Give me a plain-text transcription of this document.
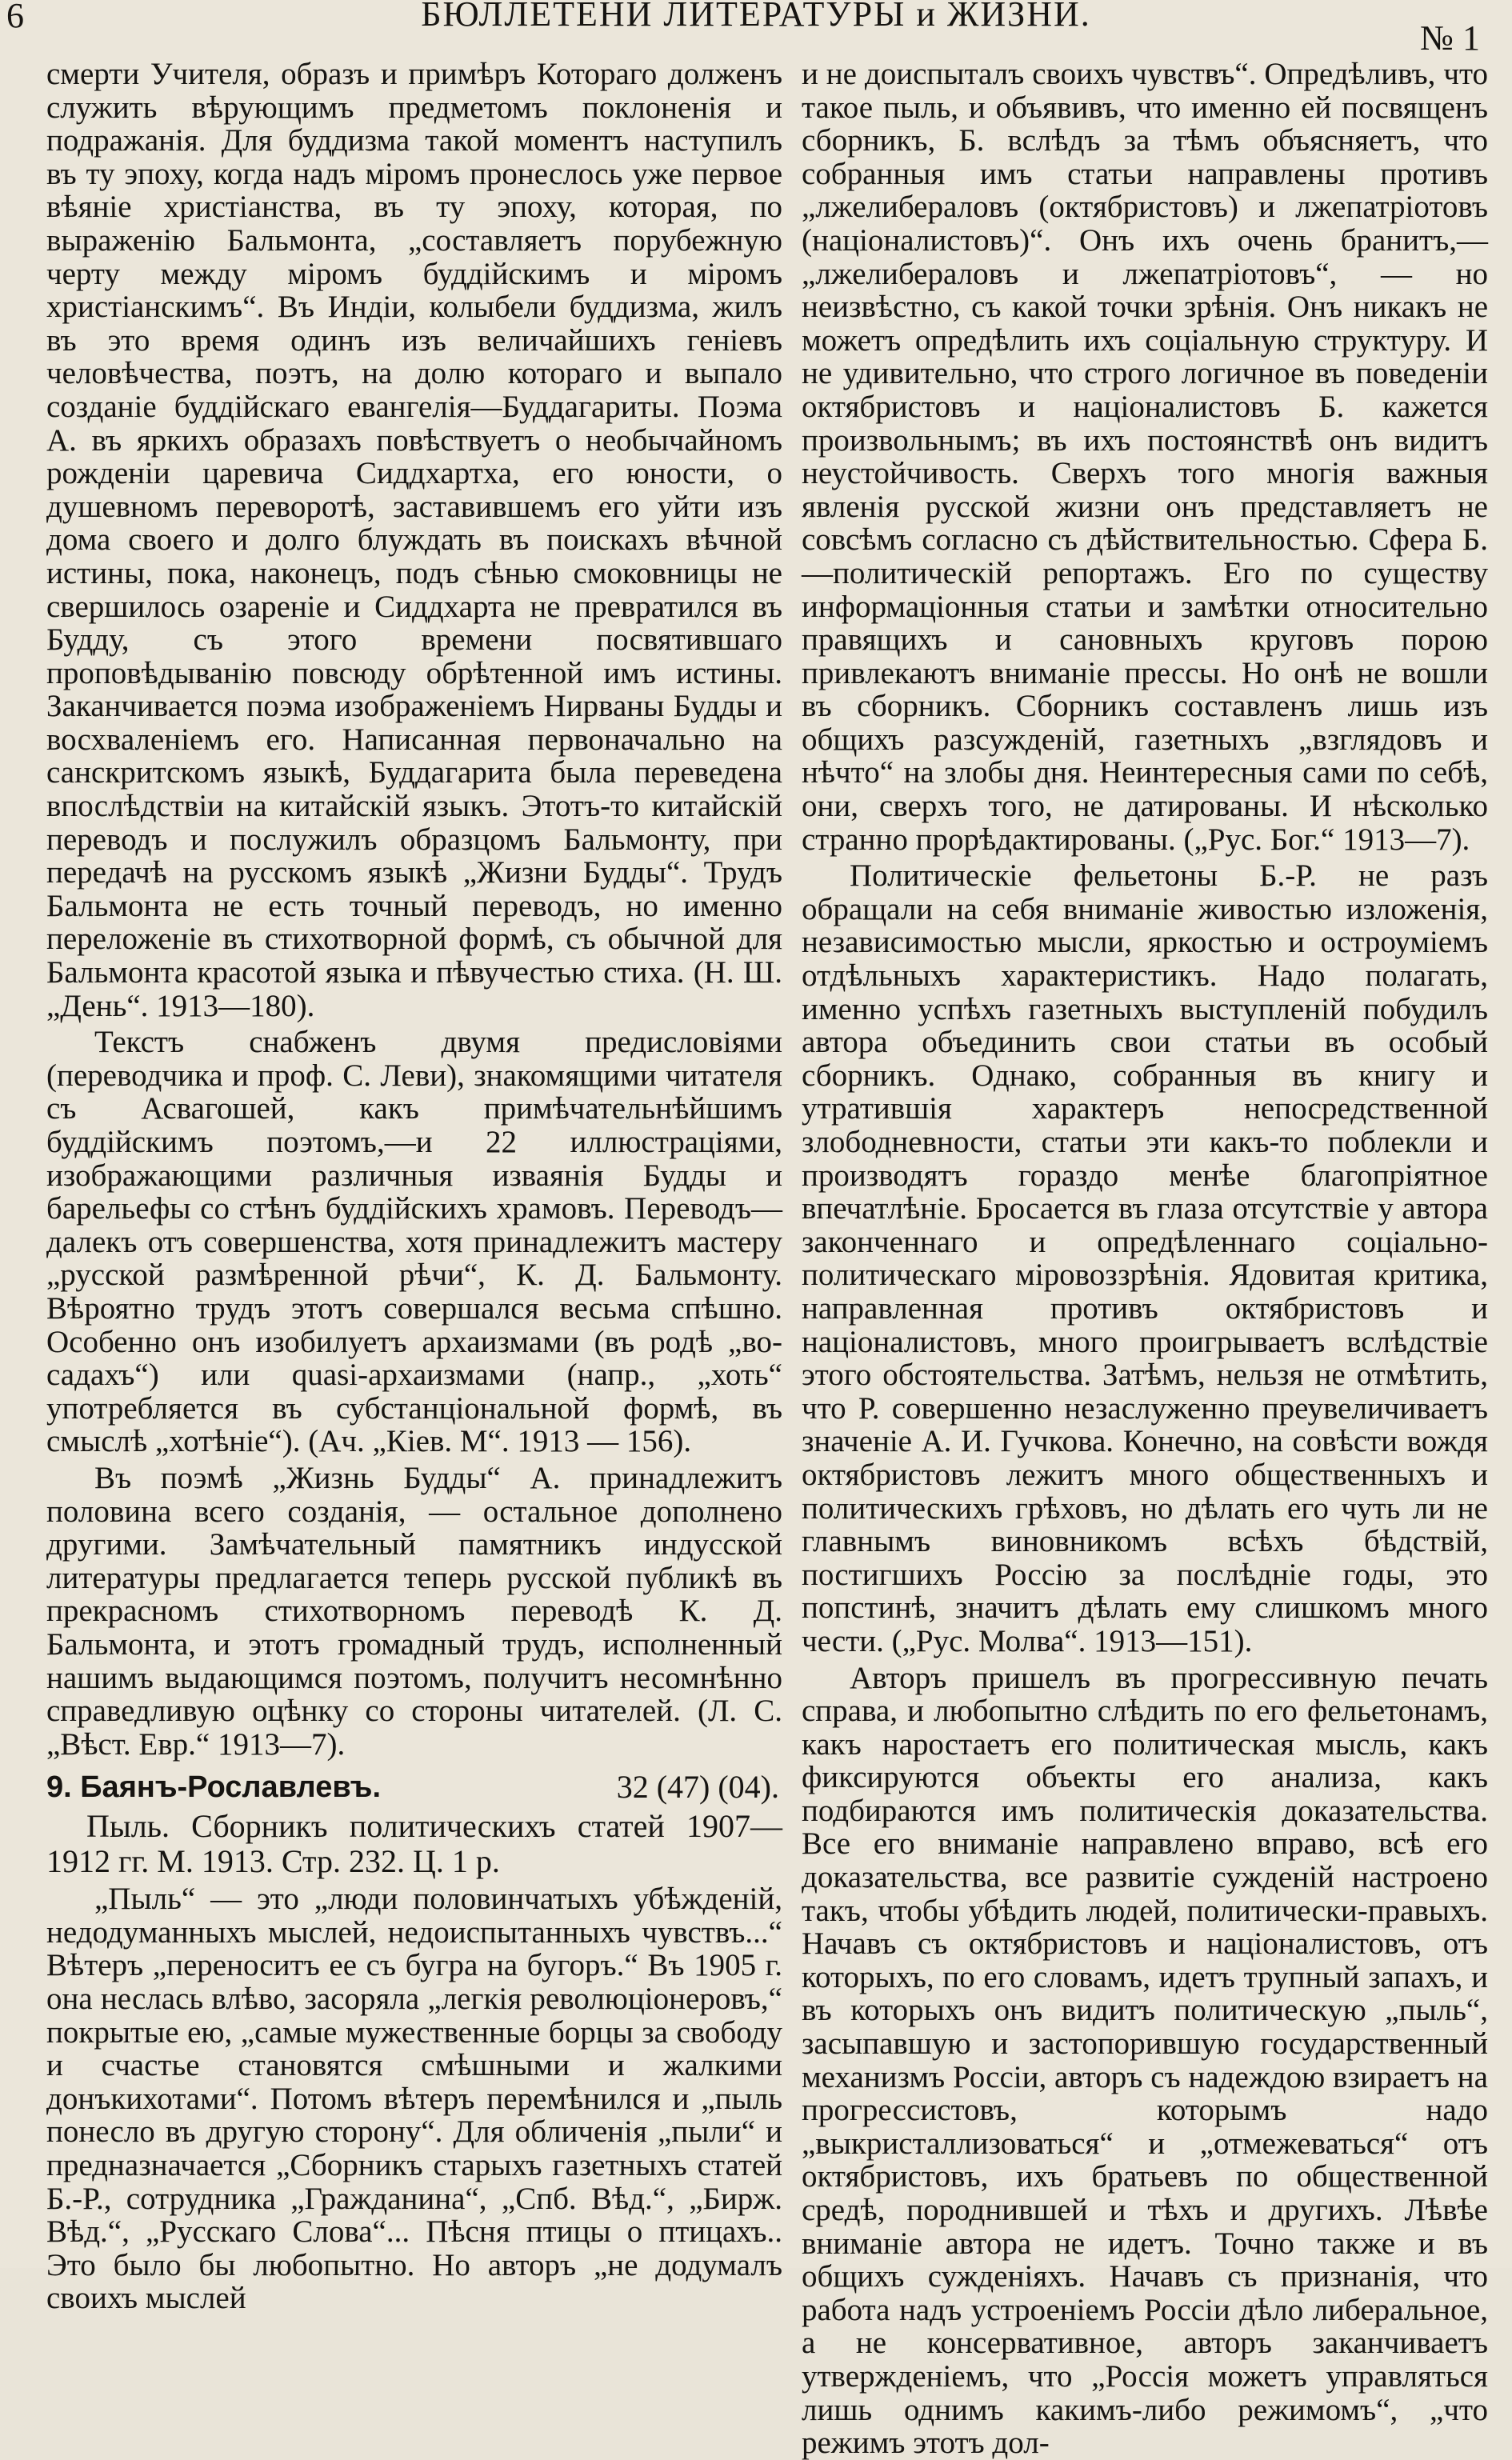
6	БЮЛЛЕТЕНИ ЛИТЕРАТУРЫ и ЖИЗНИ.
№ 1

смерти Учителя, образъ и примѣръ Котораго долженъ служить вѣрующимъ предметомъ поклоненія и подражанія. Для буддизма такой моментъ наступилъ въ ту эпоху, когда надъ міромъ пронеслось уже первое вѣяніе христіанства, въ ту эпоху, которая, по выраженію Бальмонта, „составляетъ порубежную черту между міромъ буддійскимъ и міромъ христіанскимъ“. Въ Индіи, колыбели буддизма, жилъ въ это время одинъ изъ величайшихъ геніевъ человѣчества, поэтъ, на долю котораго и выпало созданіе буддійскаго евангелія—Буддагариты. Поэма А. въ яркихъ образахъ повѣствуетъ о необычайномъ рожденіи царевича Сиддхартха, его юности, о душевномъ переворотѣ, заставившемъ его уйти изъ дома своего и долго блуждать въ поискахъ вѣчной истины, пока, наконецъ, подъ сѣнью смоковницы не свершилось озареніе и Сиддхарта не превратился въ Будду, съ этого времени посвятившаго проповѣдыванію повсюду обрѣтенной имъ истины. Заканчивается поэма изображеніемъ Нирваны Будды и восхваленіемъ его. Написанная первоначально на санскритскомъ языкѣ, Буддагарита была переведена впослѣдствіи на китайскій языкъ. Этотъ-то китайскій переводъ и послужилъ образцомъ Бальмонту, при передачѣ на русскомъ языкѣ „Жизни Будды“. Трудъ Бальмонта не есть точный переводъ, но именно переложеніе въ стихотворной формѣ, съ обычной для Бальмонта красотой языка и пѣвучестью стиха. (Н. Ш. „День“. 1913—180).

Текстъ снабженъ двумя предисловіями (переводчика и проф. С. Леви), знакомящими читателя съ Асвагошей, какъ примѣчательнѣйшимъ буддійскимъ поэтомъ,—и 22 иллюстраціями, изображающими различныя изваянія Будды и барельефы со стѣнъ буддійскихъ храмовъ. Переводъ—далекъ отъ совершенства, хотя принадлежитъ мастеру „русской размѣренной рѣчи“, К. Д. Бальмонту. Вѣроятно трудъ этотъ совершался весьма спѣшно. Особенно онъ изобилуетъ архаизмами (въ родѣ „во-садахъ“) или quasi-архаизмами (напр., „хоть“ употребляется въ субстанціональной формѣ, въ смыслѣ „хотѣніе“). (Ач. „Кіев. М“. 1913 — 156).

Въ поэмѣ „Жизнь Будды“ А. принадлежитъ половина всего созданія, — остальное дополнено другими. Замѣчательный памятникъ индусской литературы предлагается теперь русской публикѣ въ прекрасномъ стихотворномъ переводѣ К. Д. Бальмонта, и этотъ громадный трудъ, исполненный нашимъ выдающимся поэтомъ, получитъ несомнѣнно справедливую оцѣнку со стороны читателей. (Л. С. „Вѣст. Евр.“ 1913—7).

9. Баянъ-Рославлевъ.	32 (47) (04).

Пыль. Сборникъ политическихъ статей 1907—1912 гг. М. 1913. Стр. 232. Ц. 1 р.

„Пыль“ — это „люди половинчатыхъ убѣжденій, недодуманныхъ мыслей, недоиспытанныхъ чувствъ...“ Вѣтеръ „переноситъ ее съ бугра на бугоръ.“ Въ 1905 г. она неслась влѣво, засоряла „легкія революціонеровъ,“ покрытые ею, „самые мужественные борцы за свободу и счастье становятся смѣшными и жалкими донъкихотами“. Потомъ вѣтеръ перемѣнился и „пыль понесло въ другую сторону“. Для обличенія „пыли“ и предназначается „Сборникъ старыхъ газетныхъ статей Б.-Р., сотрудника „Гражданина“, „Спб. Вѣд.“, „Бирж. Вѣд.“, „Русскаго Слова“... Пѣсня птицы о птицахъ.. Это было бы любопытно. Но авторъ „не додумалъ своихъ мыслей

и не доиспыталъ своихъ чувствъ“. Опредѣливъ, что такое пыль, и объявивъ, что именно ей посвященъ сборникъ, Б. вслѣдъ за тѣмъ объясняетъ, что собранныя имъ статьи направлены противъ „лжелибераловъ (октябристовъ) и лжепатріотовъ (націоналистовъ)“. Онъ ихъ очень бранитъ,— „лжелибераловъ и лжепатріотовъ“, — но неизвѣстно, съ какой точки зрѣнія. Онъ никакъ не можетъ опредѣлить ихъ соціальную структуру. И не удивительно, что строго логичное въ поведеніи октябристовъ и націоналистовъ Б. кажется произвольнымъ; въ ихъ постоянствѣ онъ видитъ неустойчивость. Сверхъ того многія важныя явленія русской жизни онъ представляетъ не совсѣмъ согласно съ дѣйствительностью. Сфера Б.—политическій репортажъ. Его по существу информаціонныя статьи и замѣтки относительно правящихъ и сановныхъ круговъ порою привлекаютъ вниманіе прессы. Но онѣ не вошли въ сборникъ. Сборникъ составленъ лишь изъ общихъ разсужденій, газетныхъ „взглядовъ и нѣчто“ на злобы дня. Неинтересныя сами по себѣ, они, сверхъ того, не датированы. И нѣсколько странно прорѣдактированы. („Рус. Бог.“ 1913—7).

Политическіе фельетоны Б.-Р. не разъ обращали на себя вниманіе живостью изложенія, независимостью мысли, яркостью и остроуміемъ отдѣльныхъ характеристикъ. Надо полагать, именно успѣхъ газетныхъ выступленій побудилъ автора объединить свои статьи въ особый сборникъ. Однако, собранныя въ книгу и утратившія характеръ непосредственной злободневности, статьи эти какъ-то поблекли и производятъ гораздо менѣе благопріятное впечатлѣніе. Бросается въ глаза отсутствіе у автора законченнаго и опредѣленнаго соціально-политическаго міровоззрѣнія. Ядовитая критика, направленная противъ октябристовъ и націоналистовъ, много проигрываетъ вслѣдствіе этого обстоятельства. Затѣмъ, нельзя не отмѣтить, что Р. совершенно незаслуженно преувеличиваетъ значеніе А. И. Гучкова. Конечно, на совѣсти вождя октябристовъ лежитъ много общественныхъ и политическихъ грѣховъ, но дѣлать его чуть ли не главнымъ виновникомъ всѣхъ бѣдствій, постигшихъ Россію за послѣдніе годы, это попстинѣ, значитъ дѣлать ему слишкомъ много чести. („Рус. Молва“. 1913—151).

Авторъ пришелъ въ прогрессивную печать справа, и любопытно слѣдить по его фельетонамъ, какъ наростаетъ его политическая мысль, какъ фиксируются объекты его анализа, какъ подбираются имъ политическія доказательства. Все его вниманіе направлено вправо, всѣ его доказательства, все развитіе сужденій настроено такъ, чтобы убѣдить людей, политически-правыхъ. Начавъ съ октябристовъ и націоналистовъ, отъ которыхъ, по его словамъ, идетъ трупный запахъ, и въ которыхъ онъ видитъ политическую „пыль“, засыпавшую и застопорившую государственный механизмъ Россіи, авторъ съ надеждою взираетъ на прогрессистовъ, которымъ надо „выкристаллизоваться“ и „отмежеваться“ отъ октябристовъ, ихъ братьевъ по общественной средѣ, породнившей и тѣхъ и другихъ. Лѣвѣе вниманіе автора не идетъ. Точно также и въ общихъ сужденіяхъ. Начавъ съ признанія, что работа надъ устроеніемъ Россіи дѣло либеральное, а не консервативное, авторъ заканчиваетъ утвержденіемъ, что „Россія можетъ управляться лишь однимъ какимъ-либо режимомъ“, „что режимъ этотъ дол-
